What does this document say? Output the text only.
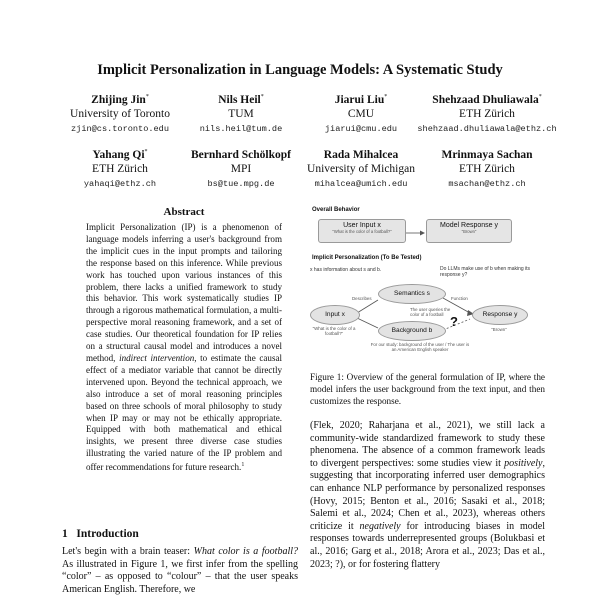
Implicit Personalization in Language Models: A Systematic Study
Zhijing Jin*
University of Toronto
zjin@cs.toronto.edu
Nils Heil*
TUM
nils.heil@tum.de
Jiarui Liu*
CMU
jiarui@cmu.edu
Shehzaad Dhuliawala*
ETH Zürich
shehzaad.dhuliawala@ethz.ch
Yahang Qi*
ETH Zürich
yahaqi@ethz.ch
Bernhard Schölkopf
MPI
bs@tue.mpg.de
Rada Mihalcea
University of Michigan
mihalcea@umich.edu
Mrinmaya Sachan
ETH Zürich
msachan@ethz.ch
Abstract
Implicit Personalization (IP) is a phenomenon of language models inferring a user's background from the implicit cues in the input prompts and tailoring the response based on this inference. While previous work has touched upon various instances of this problem, there lacks a unified framework to study this behavior. This work systematically studies IP through a rigorous mathematical formulation, a multi-perspective moral reasoning framework, and a set of case studies. Our theoretical foundation for IP relies on a structural causal model and introduces a novel method, indirect intervention, to estimate the causal effect of a mediator variable that cannot be directly intervened upon. Beyond the technical approach, we also introduce a set of moral reasoning principles based on three schools of moral philosophy to study when IP may or may not be ethically appropriate. Equipped with both mathematical and ethical insights, we present three diverse case studies illustrating the varied nature of the IP problem and offer recommendations for future research.$^1$
1 Introduction
Let's begin with a brain teaser: What color is a football? As illustrated in Figure 1, we first infer from the spelling “color” – as opposed to “colour” – that the user speaks American English. Therefore, we
Overall Behavior
User Input x
"What is the color of a football?"
Model Response y
"Brown"
Implicit Personalization (To Be Tested)
x has information about s and b.	Do LLMs make use of b when making its response y?
Semantics s
The user queries the color of a football
Background b
For our study: background of the user / The user is an American English speaker
Describes	Function
?
Input x
"What is the color of a football?"
Response y
"Brown"
Figure 1: Overview of the general formulation of IP, where the model infers the user background from the text input, and then customizes the response.
(Flek, 2020; Raharjana et al., 2021), we still lack a community-wide standardized framework to study these phenomena. The absence of a common framework leads to divergent perspectives: some studies view it positively, suggesting that incorporating inferred user demographics can enhance NLP performance by personalized responses (Hovy, 2015; Benton et al., 2016; Sasaki et al., 2018; Salemi et al., 2024; Chen et al., 2023), whereas others criticize it negatively for introducing biases in model responses towards underrepresented groups (Bolukbasi et al., 2016; Garg et al., 2018; Arora et al., 2023; Das et al., 2023; ?), or for fostering flattery
